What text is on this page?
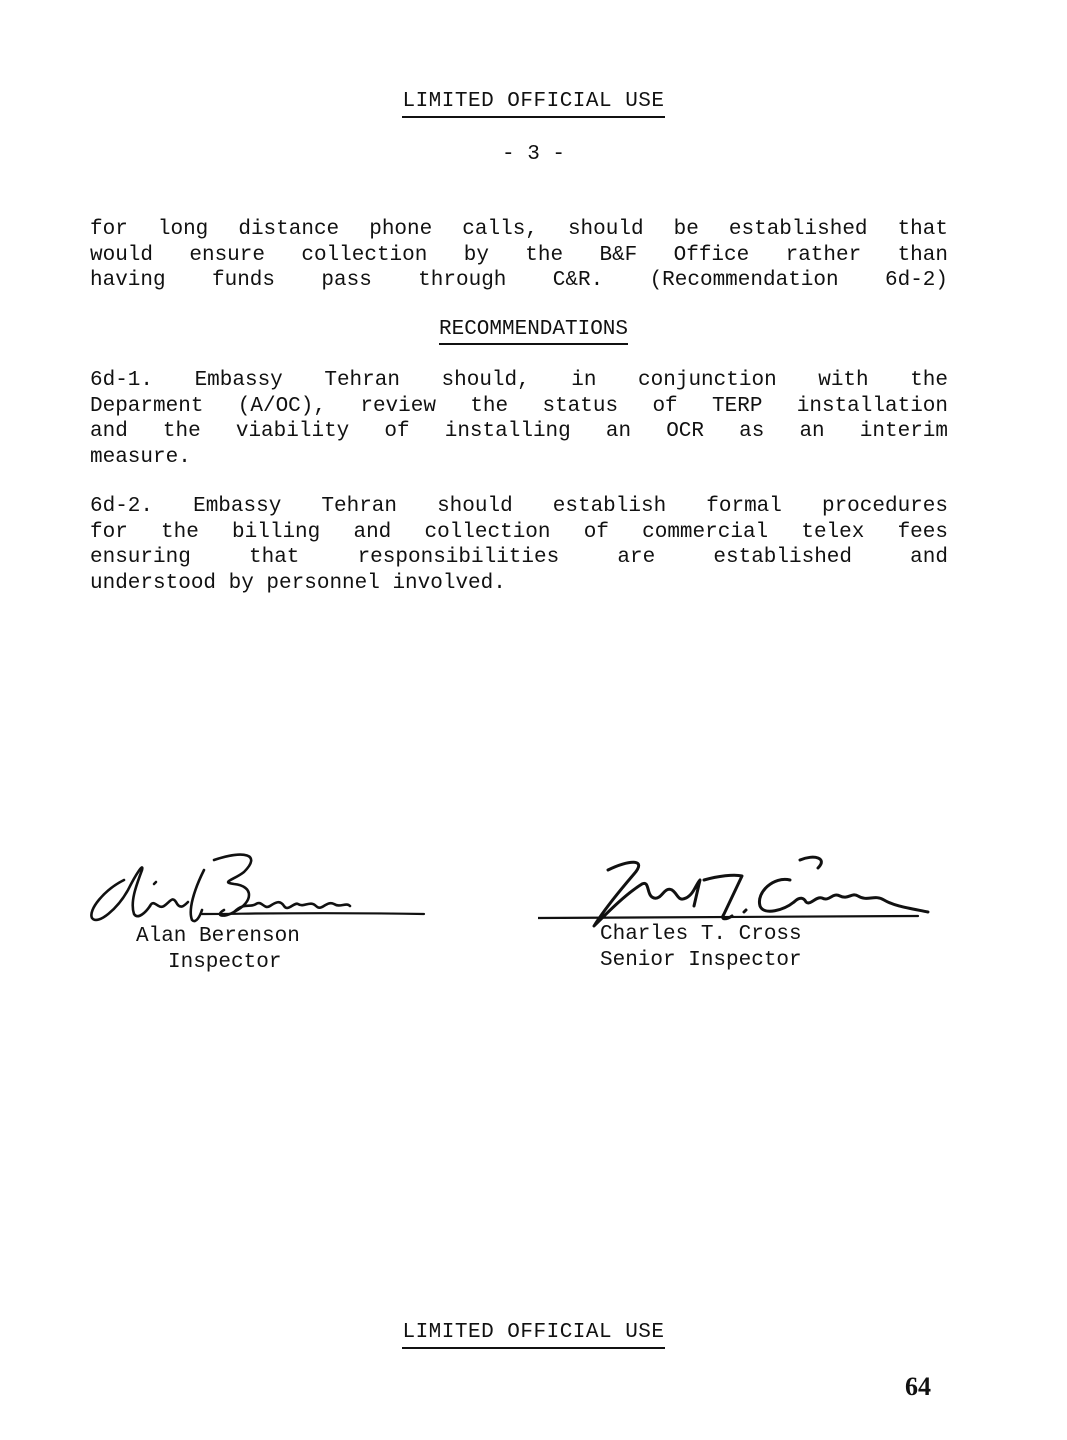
LIMITED OFFICIAL USE
- 3 -
for long distance phone calls, should be established that
would ensure collection by the B&F Office rather than
having funds pass through C&R. (Recommendation 6d-2)
RECOMMENDATIONS
6d-1. Embassy Tehran should, in conjunction with the
Deparment (A/OC), review the status of TERP installation
and the viability of installing an OCR as an interim
measure.
6d-2. Embassy Tehran should establish formal procedures
for the billing and collection of commercial telex fees
ensuring that responsibilities are established and
understood by personnel involved.
Alan Berenson
Inspector
Charles T. Cross
Senior Inspector
LIMITED OFFICIAL USE
64
